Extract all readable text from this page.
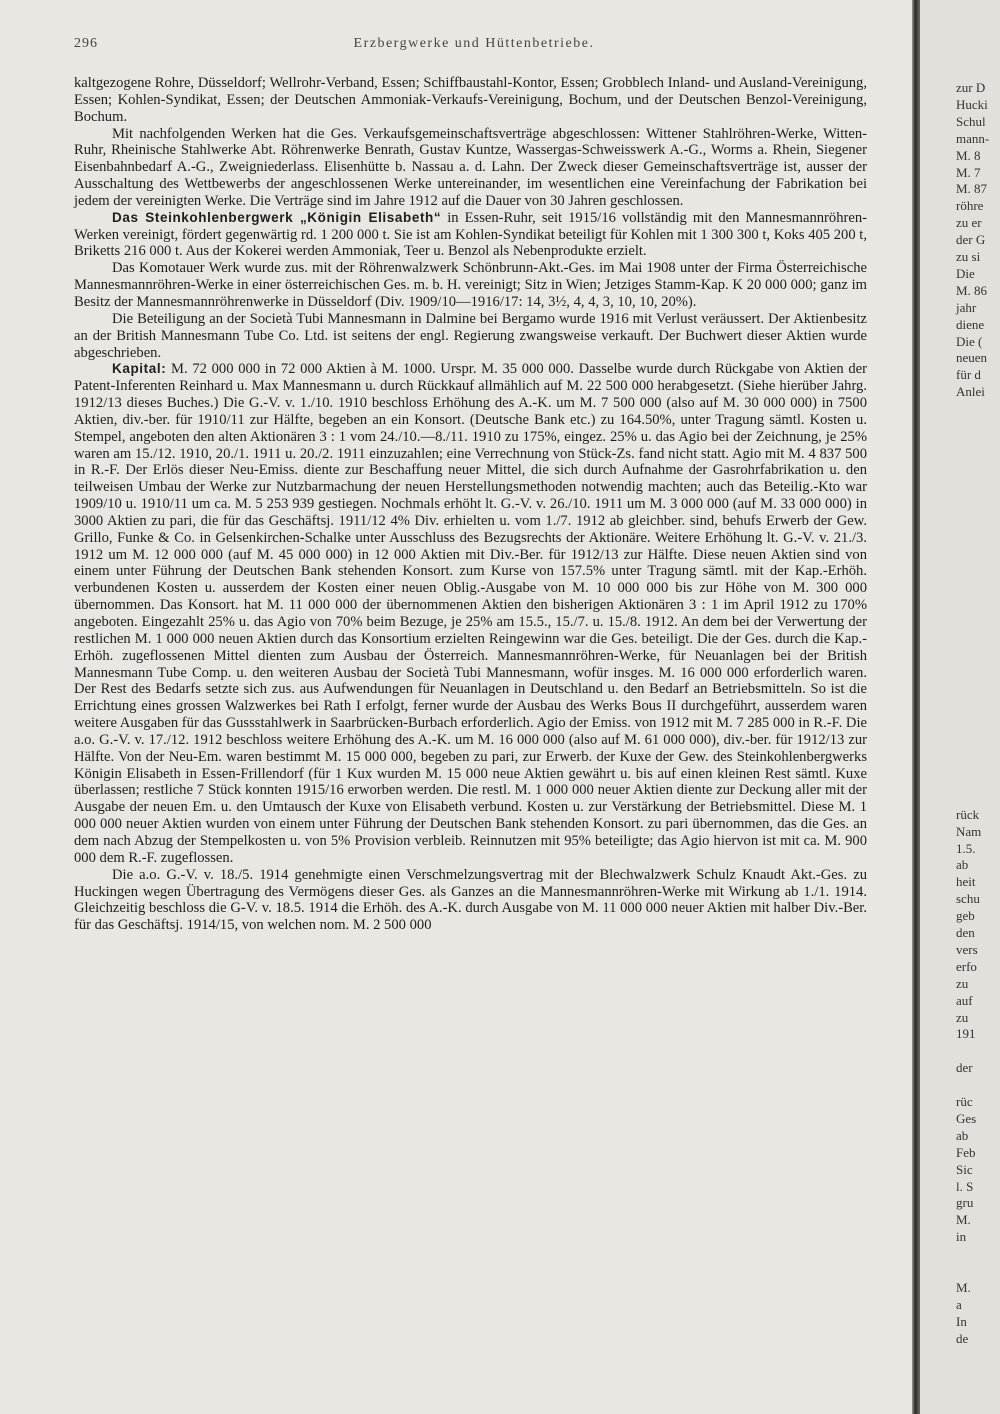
296	Erzbergwerke und Hüttenbetriebe.

kaltgezogene Rohre, Düsseldorf; Wellrohr-Verband, Essen; Schiffbaustahl-Kontor, Essen; Grobblech Inland- und Ausland-Vereinigung, Essen; Kohlen-Syndikat, Essen; der Deutschen Ammoniak-Verkaufs-Vereinigung, Bochum, und der Deutschen Benzol-Vereinigung, Bochum.

Mit nachfolgenden Werken hat die Ges. Verkaufsgemeinschaftsverträge abgeschlossen: Wittener Stahlröhren-Werke, Witten-Ruhr, Rheinische Stahlwerke Abt. Röhrenwerke Benrath, Gustav Kuntze, Wassergas-Schweisswerk A.-G., Worms a. Rhein, Siegener Eisenbahnbedarf A.-G., Zweigniederlass. Elisenhütte b. Nassau a. d. Lahn. Der Zweck dieser Gemeinschaftsverträge ist, ausser der Ausschaltung des Wettbewerbs der angeschlossenen Werke untereinander, im wesentlichen eine Vereinfachung der Fabrikation bei jedem der vereinigten Werke. Die Verträge sind im Jahre 1912 auf die Dauer von 30 Jahren geschlossen.

Das Steinkohlenbergwerk „Königin Elisabeth“ in Essen-Ruhr, seit 1915/16 vollständig mit den Mannesmannröhren-Werken vereinigt, fördert gegenwärtig rd. 1 200 000 t. Sie ist am Kohlen-Syndikat beteiligt für Kohlen mit 1 300 300 t, Koks 405 200 t, Briketts 216 000 t. Aus der Kokerei werden Ammoniak, Teer u. Benzol als Nebenprodukte erzielt.

Das Komotauer Werk wurde zus. mit der Röhrenwalzwerk Schönbrunn-Akt.-Ges. im Mai 1908 unter der Firma Österreichische Mannesmannröhren-Werke in einer österreichischen Ges. m. b. H. vereinigt; Sitz in Wien; Jetziges Stamm-Kap. K 20 000 000; ganz im Besitz der Mannesmannröhrenwerke in Düsseldorf (Div. 1909/10—1916/17: 14, 3½, 4, 4, 3, 10, 10, 20%).

Die Beteiligung an der Società Tubi Mannesmann in Dalmine bei Bergamo wurde 1916 mit Verlust veräussert. Der Aktienbesitz an der British Mannesmann Tube Co. Ltd. ist seitens der engl. Regierung zwangsweise verkauft. Der Buchwert dieser Aktien wurde abgeschrieben.

Kapital: M. 72 000 000 in 72 000 Aktien à M. 1000. Urspr. M. 35 000 000. Dasselbe wurde durch Rückgabe von Aktien der Patent-Inferenten Reinhard u. Max Mannesmann u. durch Rückkauf allmählich auf M. 22 500 000 herabgesetzt. (Siehe hierüber Jahrg. 1912/13 dieses Buches.) Die G.-V. v. 1./10. 1910 beschloss Erhöhung des A.-K. um M. 7 500 000 (also auf M. 30 000 000) in 7500 Aktien, div.-ber. für 1910/11 zur Hälfte, begeben an ein Konsort. (Deutsche Bank etc.) zu 164.50%, unter Tragung sämtl. Kosten u. Stempel, angeboten den alten Aktionären 3 : 1 vom 24./10.—8./11. 1910 zu 175%, eingez. 25% u. das Agio bei der Zeichnung, je 25% waren am 15./12. 1910, 20./1. 1911 u. 20./2. 1911 einzuzahlen; eine Verrechnung von Stück-Zs. fand nicht statt. Agio mit M. 4 837 500 in R.-F. Der Erlös dieser Neu-Emiss. diente zur Beschaffung neuer Mittel, die sich durch Aufnahme der Gasrohrfabrikation u. den teilweisen Umbau der Werke zur Nutzbarmachung der neuen Herstellungsmethoden notwendig machten; auch das Beteilig.-Kto war 1909/10 u. 1910/11 um ca. M. 5 253 939 gestiegen. Nochmals erhöht lt. G.-V. v. 26./10. 1911 um M. 3 000 000 (auf M. 33 000 000) in 3000 Aktien zu pari, die für das Geschäftsj. 1911/12 4% Div. erhielten u. vom 1./7. 1912 ab gleichber. sind, behufs Erwerb der Gew. Grillo, Funke & Co. in Gelsenkirchen-Schalke unter Ausschluss des Bezugsrechts der Aktionäre. Weitere Erhöhung lt. G.-V. v. 21./3. 1912 um M. 12 000 000 (auf M. 45 000 000) in 12 000 Aktien mit Div.-Ber. für 1912/13 zur Hälfte. Diese neuen Aktien sind von einem unter Führung der Deutschen Bank stehenden Konsort. zum Kurse von 157.5% unter Tragung sämtl. mit der Kap.-Erhöh. verbundenen Kosten u. ausserdem der Kosten einer neuen Oblig.-Ausgabe von M. 10 000 000 bis zur Höhe von M. 300 000 übernommen. Das Konsort. hat M. 11 000 000 der übernommenen Aktien den bisherigen Aktionären 3 : 1 im April 1912 zu 170% angeboten. Eingezahlt 25% u. das Agio von 70% beim Bezuge, je 25% am 15.5., 15./7. u. 15./8. 1912. An dem bei der Verwertung der restlichen M. 1 000 000 neuen Aktien durch das Konsortium erzielten Reingewinn war die Ges. beteiligt. Die der Ges. durch die Kap.-Erhöh. zugeflossenen Mittel dienten zum Ausbau der Österreich. Mannesmannröhren-Werke, für Neuanlagen bei der British Mannesmann Tube Comp. u. den weiteren Ausbau der Società Tubi Mannesmann, wofür insges. M. 16 000 000 erforderlich waren. Der Rest des Bedarfs setzte sich zus. aus Aufwendungen für Neuanlagen in Deutschland u. den Bedarf an Betriebsmitteln. So ist die Errichtung eines grossen Walzwerkes bei Rath I erfolgt, ferner wurde der Ausbau des Werks Bous II durchgeführt, ausserdem waren weitere Ausgaben für das Gussstahlwerk in Saarbrücken-Burbach erforderlich. Agio der Emiss. von 1912 mit M. 7 285 000 in R.-F. Die a.o. G.-V. v. 17./12. 1912 beschloss weitere Erhöhung des A.-K. um M. 16 000 000 (also auf M. 61 000 000), div.-ber. für 1912/13 zur Hälfte. Von der Neu-Em. waren bestimmt M. 15 000 000, begeben zu pari, zur Erwerb. der Kuxe der Gew. des Steinkohlenbergwerks Königin Elisabeth in Essen-Frillendorf (für 1 Kux wurden M. 15 000 neue Aktien gewährt u. bis auf einen kleinen Rest sämtl. Kuxe überlassen; restliche 7 Stück konnten 1915/16 erworben werden. Die restl. M. 1 000 000 neuer Aktien diente zur Deckung aller mit der Ausgabe der neuen Em. u. den Umtausch der Kuxe von Elisabeth verbund. Kosten u. zur Verstärkung der Betriebsmittel. Diese M. 1 000 000 neuer Aktien wurden von einem unter Führung der Deutschen Bank stehenden Konsort. zu pari übernommen, das die Ges. an dem nach Abzug der Stempelkosten u. von 5% Provision verbleib. Reinnutzen mit 95% beteiligte; das Agio hiervon ist mit ca. M. 900 000 dem R.-F. zugeflossen.

Die a.o. G.-V. v. 18./5. 1914 genehmigte einen Verschmelzungsvertrag mit der Blechwalzwerk Schulz Knaudt Akt.-Ges. zu Huckingen wegen Übertragung des Vermögens dieser Ges. als Ganzes an die Mannesmannröhren-Werke mit Wirkung ab 1./1. 1914. Gleichzeitig beschloss die G-V. v. 18.5. 1914 die Erhöh. des A.-K. durch Ausgabe von M. 11 000 000 neuer Aktien mit halber Div.-Ber. für das Geschäftsj. 1914/15, von welchen nom. M. 2 500 000

zur D
Hucki
Schul
mann-
M. 8
M. 7
M. 87
röhre
zu er
der G
zu si
Die
M. 86
jahr
diene
Die (
neuen
für d
Anlei
rück
Nam
1.5.
ab
heit
schu
geb
den
vers
erfo
zu
auf
zu
191
der
rüc
Ges
ab
Feb
Sic
l. S
gru
M.
in
M.
a
In
de
